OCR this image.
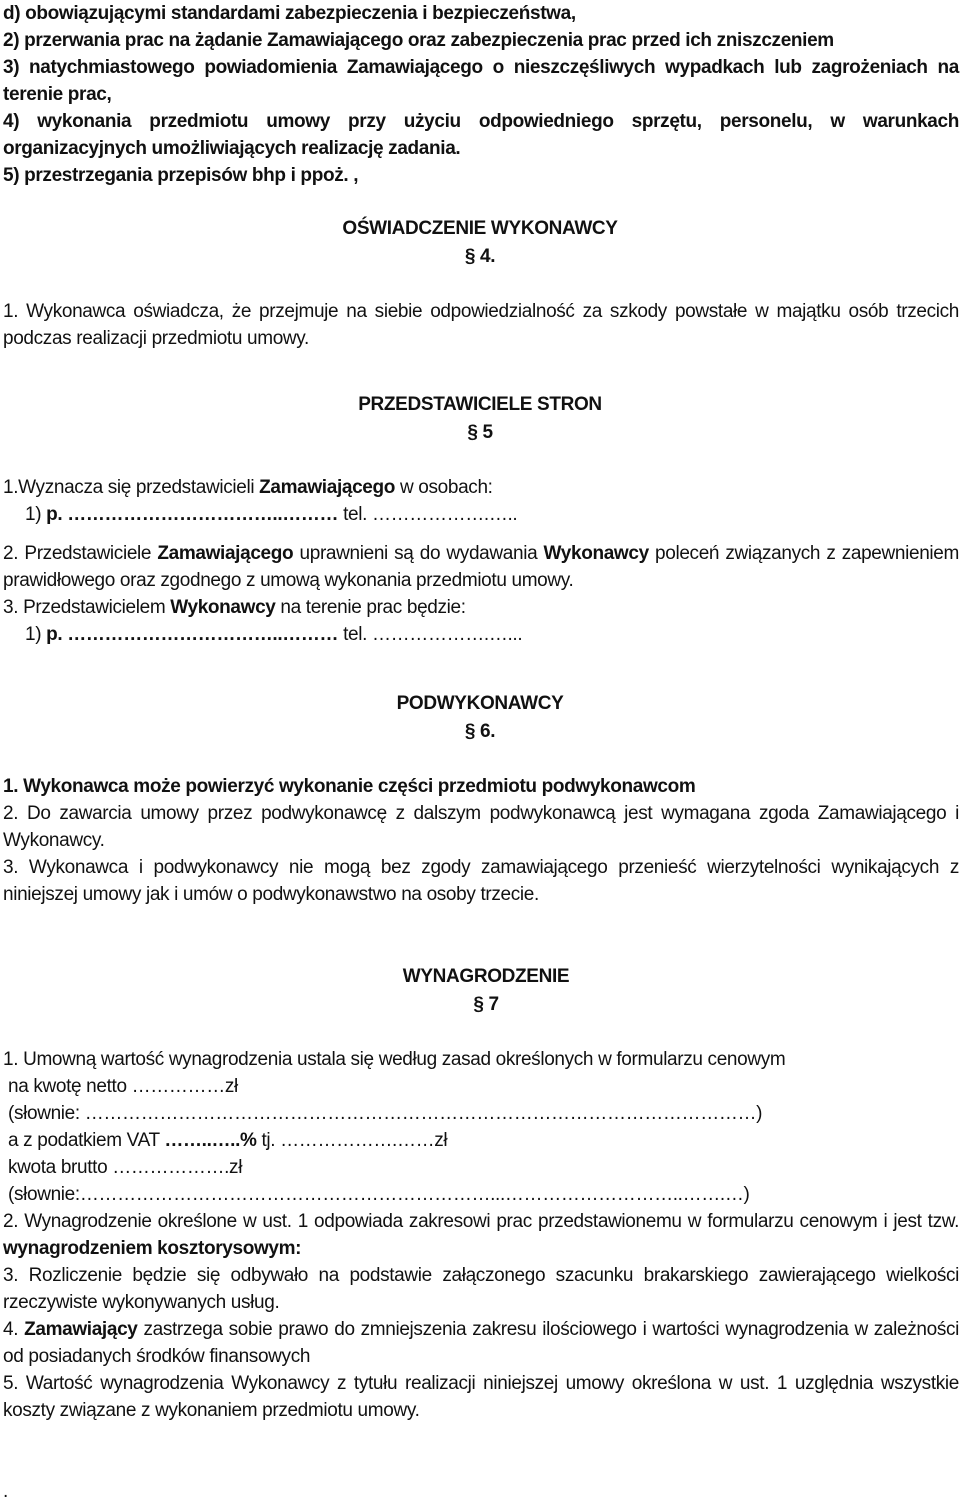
d) obowiązującymi standardami zabezpieczenia i bezpieczeństwa,

2) przerwania prac na żądanie Zamawiającego oraz zabezpieczenia prac przed ich zniszczeniem

3) natychmiastowego powiadomienia Zamawiającego o nieszczęśliwych wypadkach lub zagrożeniach na terenie prac,

4) wykonania przedmiotu umowy przy użyciu odpowiedniego sprzętu, personelu, w warunkach organizacyjnych umożliwiających realizację zadania.

5) przestrzegania przepisów bhp i ppoż. ,

OŚWIADCZENIE WYKONAWCY

§ 4.

1. Wykonawca oświadcza, że przejmuje na siebie odpowiedzialność za szkody powstałe w majątku osób trzecich podczas realizacji przedmiotu umowy.

PRZEDSTAWICIELE STRON

§ 5

1.Wyznacza się przedstawicieli Zamawiającego w osobach:

1) p. ……………………………..……… tel. ……………….…..

2. Przedstawiciele Zamawiającego uprawnieni są do wydawania Wykonawcy poleceń związanych z zapewnieniem prawidłowego oraz zgodnego z umową wykonania przedmiotu umowy.

3. Przedstawicielem Wykonawcy na terenie prac będzie:

1) p. ……………………………..……… tel. ……………….…...

PODWYKONAWCY

§ 6.

1. Wykonawca może powierzyć wykonanie części przedmiotu podwykonawcom

2. Do zawarcia umowy przez podwykonawcę z dalszym podwykonawcą jest wymagana zgoda Zamawiającego i Wykonawcy.

3. Wykonawca i podwykonawcy nie mogą bez zgody zamawiającego przenieść wierzytelności wynikających z niniejszej umowy jak i umów o podwykonawstwo na osoby trzecie.

WYNAGRODZENIE

§ 7

1. Umowną wartość wynagrodzenia ustala się według zasad określonych w formularzu cenowym

na kwotę netto ……………zł

(słownie: ………………………………………………………………………………………………)

a z podatkiem VAT ……..…..% tj. ……………….……zł

kwota brutto ……………….zł

(słownie:…………………………………………………………...………………………..…….…)

2. Wynagrodzenie określone w ust. 1 odpowiada zakresowi prac przedstawionemu w formularzu cenowym i jest tzw. wynagrodzeniem kosztorysowym:

3. Rozliczenie będzie się odbywało na podstawie załączonego szacunku brakarskiego zawierającego wielkości rzeczywiste wykonywanych usług.

4. Zamawiający zastrzega sobie prawo do zmniejszenia zakresu ilościowego i wartości wynagrodzenia w zależności od posiadanych środków finansowych

5. Wartość wynagrodzenia Wykonawcy z tytułu realizacji niniejszej umowy określona w ust. 1 uzględnia wszystkie koszty związane z wykonaniem przedmiotu umowy.

.
